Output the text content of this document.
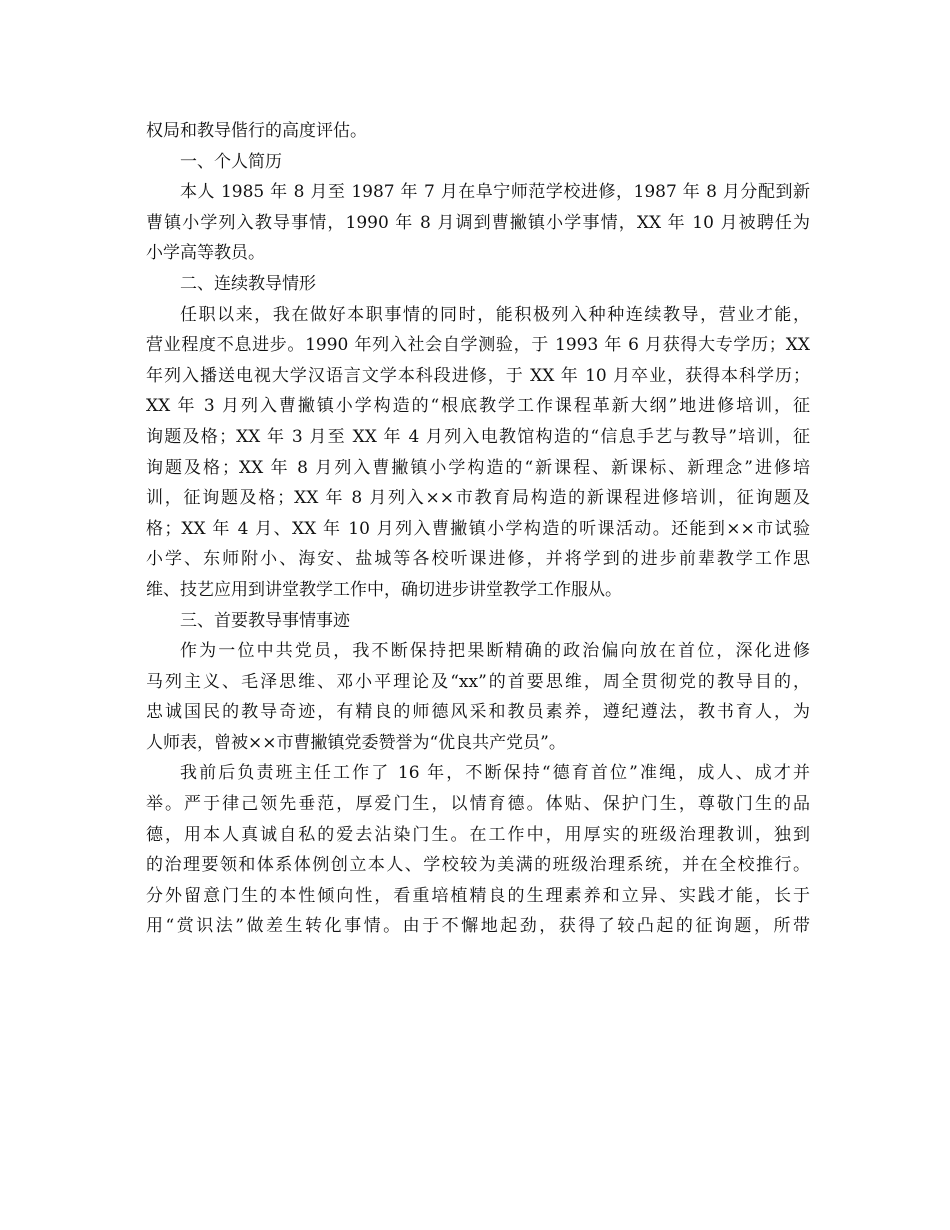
权局和教导偕行的高度评估。
一、个人简历
本人 1985 年 8 月至 1987 年 7 月在阜宁师范学校进修，1987 年 8 月分配到新
曹镇小学列入教导事情，1990 年 8 月调到曹撇镇小学事情，XX 年 10 月被聘任为
小学高等教员。
二、连续教导情形
任职以来，我在做好本职事情的同时，能积极列入种种连续教导，营业才能，
营业程度不息进步。1990 年列入社会自学测验，于 1993 年 6 月获得大专学历；XX
年列入播送电视大学汉语言文学本科段进修，于 XX 年 10 月卒业，获得本科学历；
XX 年 3 月列入曹撇镇小学构造的“根底教学工作课程革新大纲”地进修培训，征
询题及格；XX 年 3 月至 XX 年 4 月列入电教馆构造的“信息手艺与教导”培训，征
询题及格；XX 年 8 月列入曹撇镇小学构造的“新课程、新课标、新理念”进修培
训，征询题及格；XX 年 8 月列入××市教育局构造的新课程进修培训，征询题及
格；XX 年 4 月、XX 年 10 月列入曹撇镇小学构造的听课活动。还能到××市试验
小学、东师附小、海安、盐城等各校听课进修，并将学到的进步前辈教学工作思
维、技艺应用到讲堂教学工作中，确切进步讲堂教学工作服从。
三、首要教导事情事迹
作为一位中共党员，我不断保持把果断精确的政治偏向放在首位，深化进修
马列主义、毛泽思维、邓小平理论及“xx”的首要思维，周全贯彻党的教导目的，
忠诚国民的教导奇迹，有精良的师德风采和教员素养，遵纪遵法，教书育人，为
人师表，曾被××市曹撇镇党委赞誉为“优良共产党员”。
我前后负责班主任工作了 16 年，不断保持“德育首位”准绳，成人、成才并
举。严于律己领先垂范，厚爱门生，以情育德。体贴、保护门生，尊敬门生的品
德，用本人真诚自私的爱去沾染门生。在工作中，用厚实的班级治理教训，独到
的治理要领和体系体例创立本人、学校较为美满的班级治理系统，并在全校推行。
分外留意门生的本性倾向性，看重培植精良的生理素养和立异、实践才能，长于
用“赏识法”做差生转化事情。由于不懈地起劲，获得了较凸起的征询题，所带
